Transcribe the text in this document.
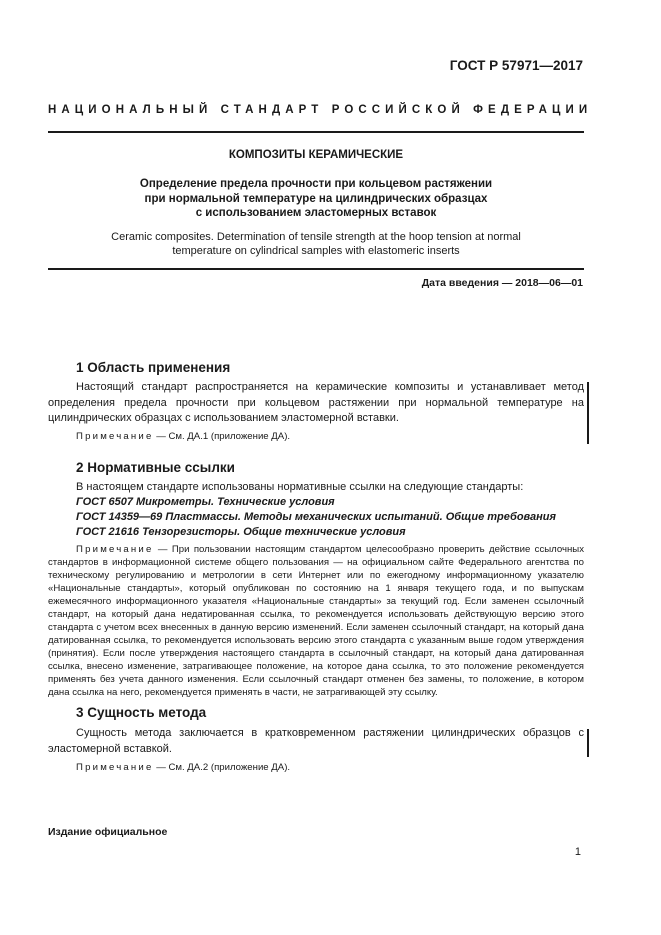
ГОСТ Р 57971—2017
НАЦИОНАЛЬНЫЙ СТАНДАРТ РОССИЙСКОЙ ФЕДЕРАЦИИ
КОМПОЗИТЫ КЕРАМИЧЕСКИЕ
Определение предела прочности при кольцевом растяжении
при нормальной температуре на цилиндрических образцах
с использованием эластомерных вставок
Ceramic composites. Determination of tensile strength at the hoop tension at normal
temperature on cylindrical samples with elastomeric inserts
Дата введения — 2018—06—01
1 Область применения

Настоящий стандарт распространяется на керамические композиты и устанавливает метод определения предела прочности при кольцевом растяжении при нормальной температуре на цилиндрических образцах с использованием эластомерной вставки.

Примечание — См. ДА.1 (приложение ДА).

2 Нормативные ссылки
В настоящем стандарте использованы нормативные ссылки на следующие стандарты:
ГОСТ 6507 Микрометры. Технические условия
ГОСТ 14359—69 Пластмассы. Методы механических испытаний. Общие требования
ГОСТ 21616 Тензорезисторы. Общие технические условия

Примечание — При пользовании настоящим стандартом целесообразно проверить действие ссылочных стандартов в информационной системе общего пользования — на официальном сайте Федерального агентства по техническому регулированию и метрологии в сети Интернет или по ежегодному информационному указателю «Национальные стандарты», который опубликован по состоянию на 1 января текущего года, и по выпускам ежемесячного информационного указателя «Национальные стандарты» за текущий год. Если заменен ссылочный стандарт, на который дана недатированная ссылка, то рекомендуется использовать действующую версию этого стандарта с учетом всех внесенных в данную версию изменений. Если заменен ссылочный стандарт, на который дана датированная ссылка, то рекомендуется использовать версию этого стандарта с указанным выше годом утверждения (принятия). Если после утверждения настоящего стандарта в ссылочный стандарт, на который дана датированная ссылка, внесено изменение, затрагивающее положение, на которое дана ссылка, то это положение рекомендуется применять без учета данного изменения. Если ссылочный стандарт отменен без замены, то положение, в котором дана ссылка на него, рекомендуется применять в части, не затрагивающей эту ссылку.

3 Сущность метода

Сущность метода заключается в кратковременном растяжении цилиндрических образцов с эластомерной вставкой.

Примечание — См. ДА.2 (приложение ДА).

Издание официальное
1
